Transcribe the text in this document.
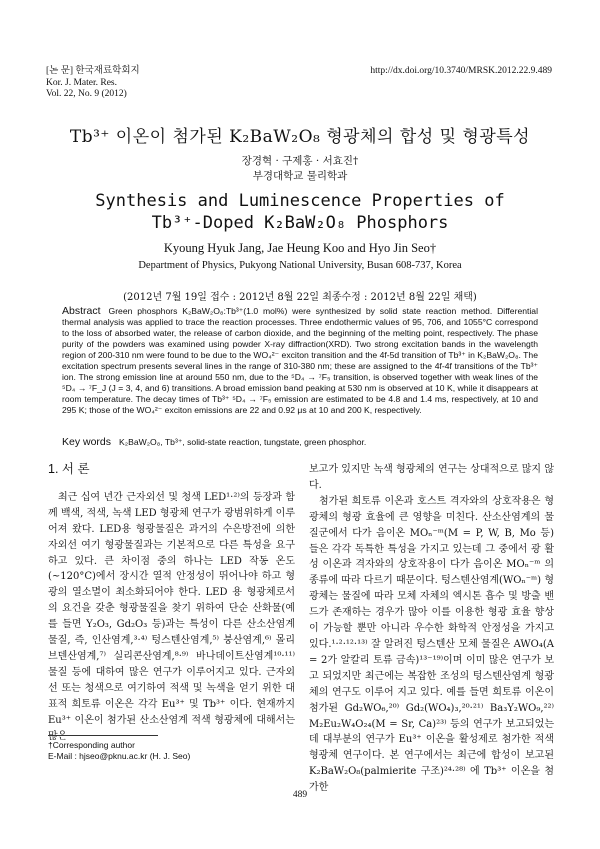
[논 문] 한국재료학회지
Kor. J. Mater. Res.
Vol. 22, No. 9 (2012)
http://dx.doi.org/10.3740/MRSK.2012.22.9.489
Tb³⁺ 이온이 첨가된 K₂BaW₂O₈ 형광체의 합성 및 형광특성
장경혁 · 구제홍 · 서효진†
부경대학교 물리학과
Synthesis and Luminescence Properties of
Tb³⁺-Doped K₂BaW₂O₈ Phosphors
Kyoung Hyuk Jang, Jae Heung Koo and Hyo Jin Seo†
Department of Physics, Pukyong National University, Busan 608-737, Korea
(2012년 7월 19일 접수 : 2012년 8월 22일 최종수정 : 2012년 8월 22일 채택)
Abstract Green phosphors K₂BaW₂O₈:Tb³⁺(1.0 mol%) were synthesized by solid state reaction method. Differential thermal analysis was applied to trace the reaction processes. Three endothermic values of 95, 706, and 1055°C correspond to the loss of absorbed water, the release of carbon dioxide, and the beginning of the melting point, respectively. The phase purity of the powders was examined using powder X-ray diffraction(XRD). Two strong excitation bands in the wavelength region of 200-310 nm were found to be due to the WO₄²⁻ exciton transition and the 4f-5d transition of Tb³⁺ in K₂BaW₂O₈. The excitation spectrum presents several lines in the range of 310-380 nm; these are assigned to the 4f-4f transitions of the Tb³⁺ ion. The strong emission line at around 550 nm, due to the ⁵D₄ → ⁷F₅ transition, is observed together with weak lines of the ⁵D₄ → ⁷F_J (J = 3, 4, and 6) transitions. A broad emission band peaking at 530 nm is observed at 10 K, while it disappears at room temperature. The decay times of Tb³⁺ ⁵D₄ → ⁷F₅ emission are estimated to be 4.8 and 1.4 ms, respectively, at 10 and 295 K; those of the WO₄²⁻ exciton emissions are 22 and 0.92 μs at 10 and 200 K, respectively.
Key words K₂BaW₂O₈, Tb³⁺, solid-state reaction, tungstate, green phosphor.
1. 서 론

최근 십여 년간 근자외선 및 청색 LED¹·²⁾의 등장과 함께 백색, 적색, 녹색 LED 형광체 연구가 광범위하게 이루어져 왔다. LED용 형광물질은 과거의 수은방전에 의한 자외선 여기 형광물질과는 기본적으로 다른 특성을 요구하고 있다. 큰 차이점 중의 하나는 LED 작동 온도(~120°C)에서 장시간 열적 안정성이 뛰어나야 하고 형광의 열소멸이 최소화되어야 한다. LED 용 형광체로서의 요건을 갖춘 형광물질을 찾기 위하여 단순 산화물(예를 들면 Y₂O₃, Gd₂O₃ 등)과는 특성이 다른 산소산염계 물질, 즉, 인산염계,³·⁴⁾ 텅스텐산염계,⁵⁾ 붕산염계,⁶⁾ 몰리브덴산염계,⁷⁾ 실리콘산염계,⁸·⁹⁾ 바나데이트산염계¹⁰·¹¹⁾ 물질 등에 대하여 많은 연구가 이루어지고 있다. 근자외선 또는 청색으로 여기하여 적색 및 녹색을 얻기 위한 대표적 희토류 이온은 각각 Eu³⁺ 및 Tb³⁺ 이다. 현재까지 Eu³⁺ 이온이 첨가된 산소산염계 적색 형광체에 대해서는 많은

보고가 있지만 녹색 형광체의 연구는 상대적으로 많지 않다.

첨가된 희토류 이온과 호스트 격자와의 상호작용은 형광체의 형광 효율에 큰 영향을 미친다. 산소산염계의 물질군에서 다가 음이온 MOₙ⁻ᵐ(M = P, W, B, Mo 등) 들은 각각 독특한 특성을 가지고 있는데 그 중에서 광 활성 이온과 격자와의 상호작용이 다가 음이온 MOₙ⁻ᵐ 의 종류에 따라 다르기 때문이다. 텅스텐산염계(WOₙ⁻ᵐ) 형광체는 물질에 따라 모체 자체의 엑시톤 흡수 및 방출 밴드가 존재하는 경우가 많아 이를 이용한 형광 효율 향상이 가능할 뿐만 아니라 우수한 화학적 안정성을 가지고 있다.¹·²·¹²·¹³⁾ 잘 알려진 텅스텐산 모체 물질은 AWO₄(A = 2가 알칼리 토류 금속)¹³⁻¹⁹⁾이며 이미 많은 연구가 보고 되었지만 최근에는 복잡한 조성의 텅스텐산염계 형광체의 연구도 이루어 지고 있다. 예를 들면 희토류 이온이 첨가된 Gd₂WO₆,²⁰⁾ Gd₂(WO₄)₃,²⁰·²¹⁾ Ba₃Y₂WO₉,²²⁾ M₂Eu₂W₄O₂₄(M = Sr, Ca)²³⁾ 등의 연구가 보고되었는데 대부분의 연구가 Eu³⁺ 이온을 활성제로 첨가한 적색 형광체 연구이다. 본 연구에서는 최근에 합성이 보고된 K₂BaW₂O₈(palmierite 구조)²⁴·²⁸⁾ 에 Tb³⁺ 이온을 첨가한

†Corresponding author
E-Mail : hjseo@pknu.ac.kr (H. J. Seo)
489
